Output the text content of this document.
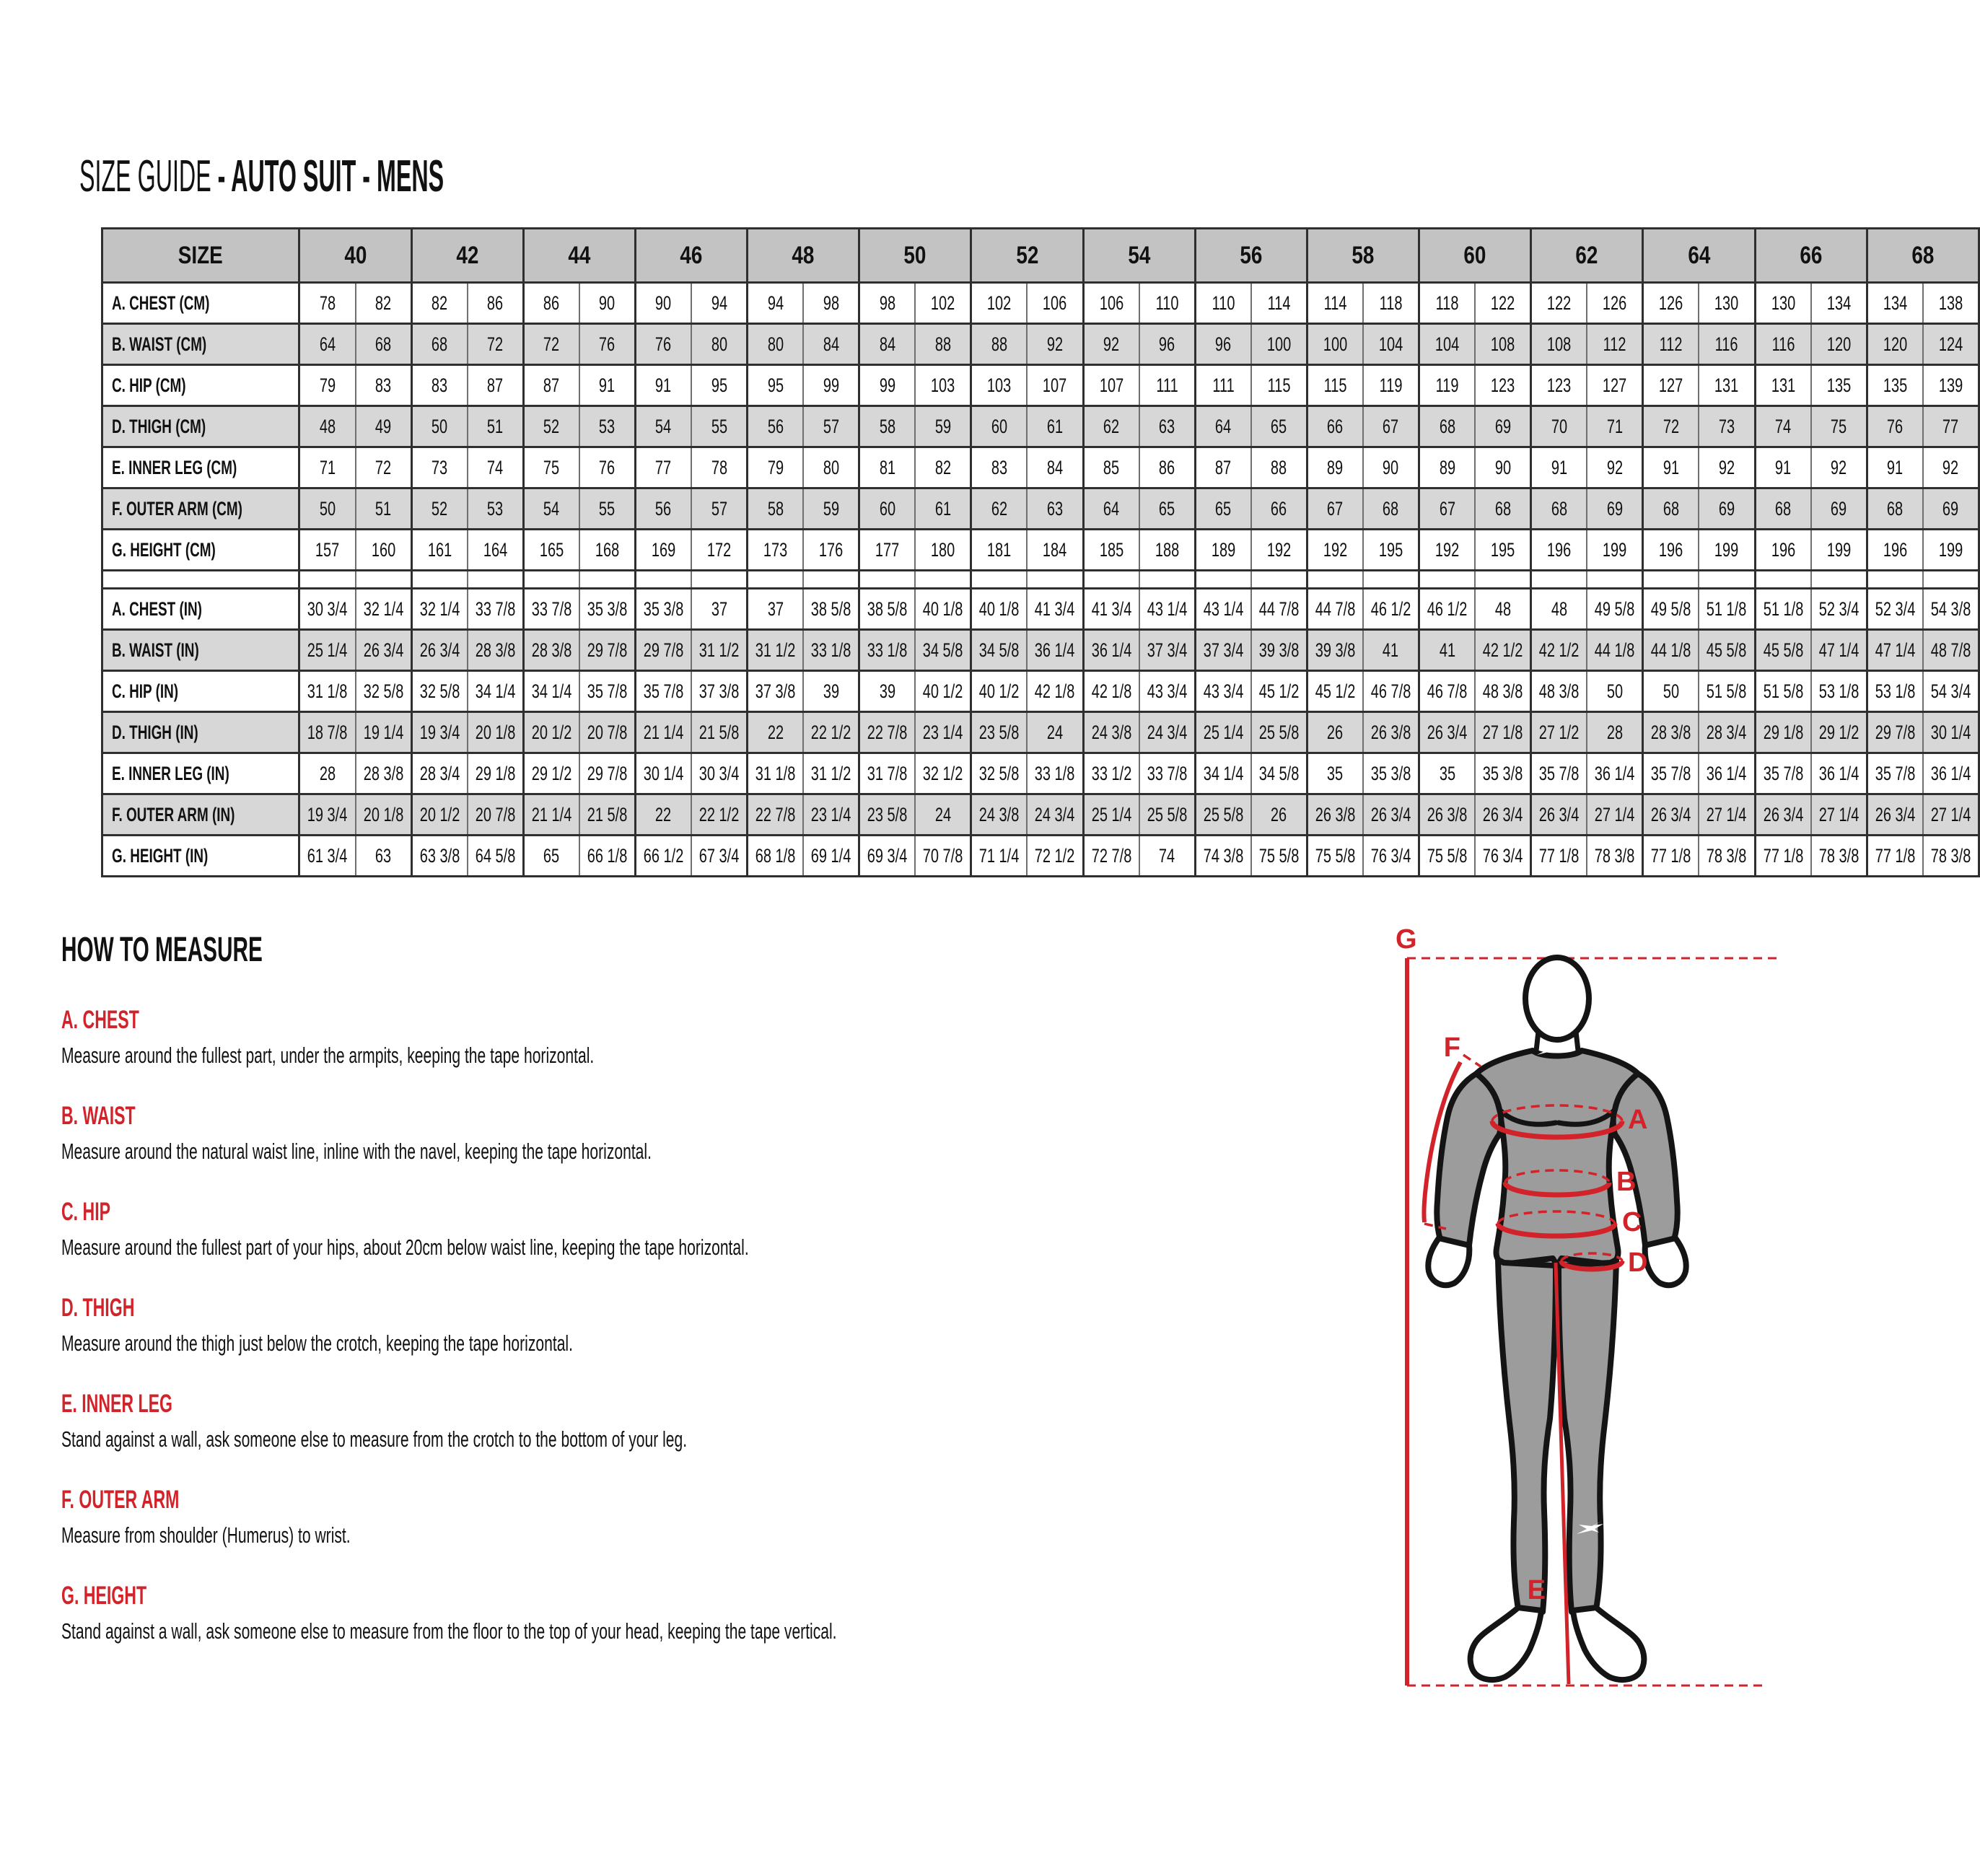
SIZE GUIDE - AUTO SUIT - MENS
SIZE	40		42		44		46		48		50		52		54		56		58		60		62		64		66		68	
A. CHEST (CM)	78	82	82	86	86	90	90	94	94	98	98	102	102	106	106	110	110	114	114	118	118	122	122	126	126	130	130	134	134	138
B. WAIST (CM)	64	68	68	72	72	76	76	80	80	84	84	88	88	92	92	96	96	100	100	104	104	108	108	112	112	116	116	120	120	124
C. HIP (CM)	79	83	83	87	87	91	91	95	95	99	99	103	103	107	107	111	111	115	115	119	119	123	123	127	127	131	131	135	135	139
D. THIGH (CM)	48	49	50	51	52	53	54	55	56	57	58	59	60	61	62	63	64	65	66	67	68	69	70	71	72	73	74	75	76	77
E. INNER LEG (CM)	71	72	73	74	75	76	77	78	79	80	81	82	83	84	85	86	87	88	89	90	89	90	91	92	91	92	91	92	91	92
F. OUTER ARM (CM)	50	51	52	53	54	55	56	57	58	59	60	61	62	63	64	65	65	66	67	68	67	68	68	69	68	69	68	69	68	69
G. HEIGHT (CM)	157	160	161	164	165	168	169	172	173	176	177	180	181	184	185	188	189	192	192	195	192	195	196	199	196	199	196	199	196	199

A. CHEST (IN)	30 3/4	32 1/4	32 1/4	33 7/8	33 7/8	35 3/8	35 3/8	37	37	38 5/8	38 5/8	40 1/8	40 1/8	41 3/4	41 3/4	43 1/4	43 1/4	44 7/8	44 7/8	46 1/2	46 1/2	48	48	49 5/8	49 5/8	51 1/8	51 1/8	52 3/4	52 3/4	54 3/8
B. WAIST (IN)	25 1/4	26 3/4	26 3/4	28 3/8	28 3/8	29 7/8	29 7/8	31 1/2	31 1/2	33 1/8	33 1/8	34 5/8	34 5/8	36 1/4	36 1/4	37 3/4	37 3/4	39 3/8	39 3/8	41	41	42 1/2	42 1/2	44 1/8	44 1/8	45 5/8	45 5/8	47 1/4	47 1/4	48 7/8
C. HIP (IN)	31 1/8	32 5/8	32 5/8	34 1/4	34 1/4	35 7/8	35 7/8	37 3/8	37 3/8	39	39	40 1/2	40 1/2	42 1/8	42 1/8	43 3/4	43 3/4	45 1/2	45 1/2	46 7/8	46 7/8	48 3/8	48 3/8	50	50	51 5/8	51 5/8	53 1/8	53 1/8	54 3/4
D. THIGH (IN)	18 7/8	19 1/4	19 3/4	20 1/8	20 1/2	20 7/8	21 1/4	21 5/8	22	22 1/2	22 7/8	23 1/4	23 5/8	24	24 3/8	24 3/4	25 1/4	25 5/8	26	26 3/8	26 3/4	27 1/8	27 1/2	28	28 3/8	28 3/4	29 1/8	29 1/2	29 7/8	30 1/4
E. INNER LEG (IN)	28	28 3/8	28 3/4	29 1/8	29 1/2	29 7/8	30 1/4	30 3/4	31 1/8	31 1/2	31 7/8	32 1/2	32 5/8	33 1/8	33 1/2	33 7/8	34 1/4	34 5/8	35	35 3/8	35	35 3/8	35 7/8	36 1/4	35 7/8	36 1/4	35 7/8	36 1/4	35 7/8	36 1/4
F. OUTER ARM (IN)	19 3/4	20 1/8	20 1/2	20 7/8	21 1/4	21 5/8	22	22 1/2	22 7/8	23 1/4	23 5/8	24	24 3/8	24 3/4	25 1/4	25 5/8	25 5/8	26	26 3/8	26 3/4	26 3/8	26 3/4	26 3/4	27 1/4	26 3/4	27 1/4	26 3/4	27 1/4	26 3/4	27 1/4
G. HEIGHT (IN)	61 3/4	63	63 3/8	64 5/8	65	66 1/8	66 1/2	67 3/4	68 1/8	69 1/4	69 3/4	70 7/8	71 1/4	72 1/2	72 7/8	74	74 3/8	75 5/8	75 5/8	76 3/4	75 5/8	76 3/4	77 1/8	78 3/8	77 1/8	78 3/8	77 1/8	78 3/8	77 1/8	78 3/8
HOW TO MEASURE
A. CHEST

Measure around the fullest part, under the armpits, keeping the tape horizontal.

B. WAIST

Measure around the natural waist line, inline with the navel, keeping the tape horizontal.

C. HIP

Measure around the fullest part of your hips, about 20cm below waist line, keeping the tape horizontal.

D. THIGH

Measure around the thigh just below the crotch, keeping the tape horizontal.

E. INNER LEG

Stand against a wall, ask someone else to measure from the crotch to the bottom of your leg.

F. OUTER ARM

Measure from shoulder (Humerus) to wrist.

G. HEIGHT

Stand against a wall, ask someone else to measure from the floor to the top of your head, keeping the tape vertical.

G
F
A
B
C
D
E
